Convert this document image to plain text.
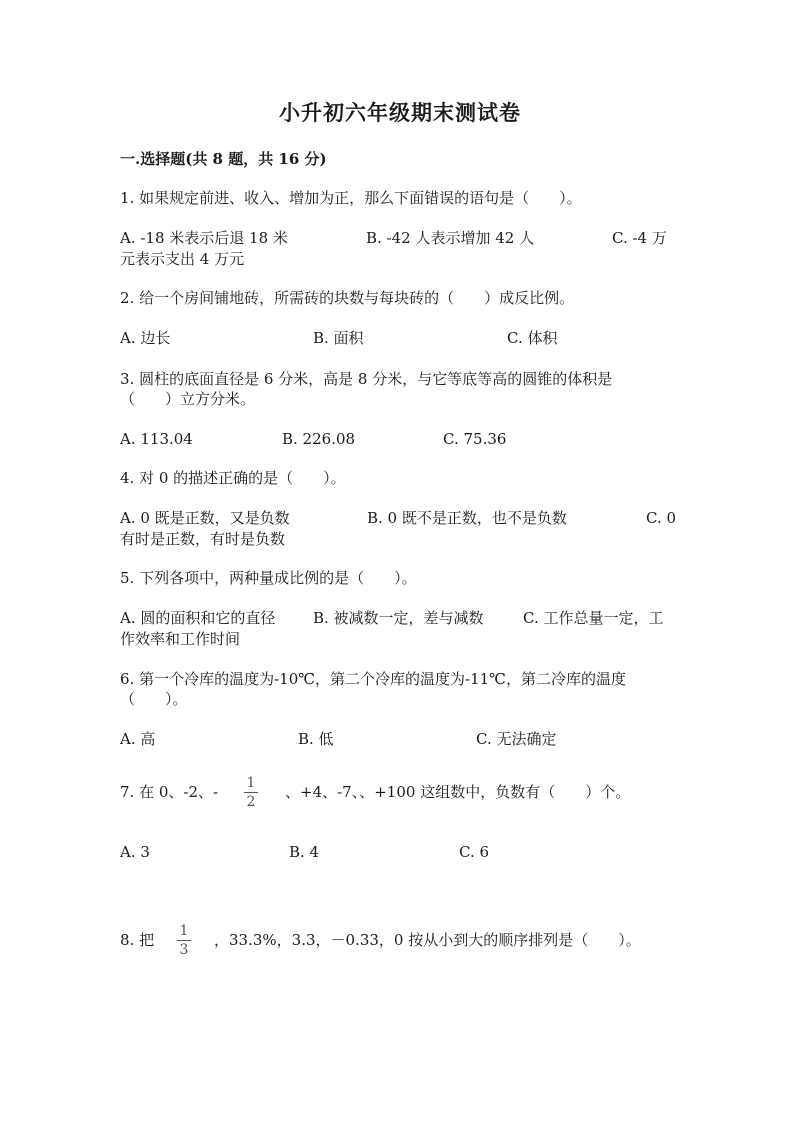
小升初六年级期末测试卷
一.选择题(共 8 题，共 16 分)
1. 如果规定前进、收入、增加为正，那么下面错误的语句是（　　）。
A. -18 米表示后退 18 米	B. -42 人表示增加 42 人	C. -4 万
元表示支出 4 万元
2. 给一个房间铺地砖，所需砖的块数与每块砖的（　　）成反比例。
A. 边长	B. 面积	C. 体积
3. 圆柱的底面直径是 6 分米，高是 8 分米，与它等底等高的圆锥的体积是
（　　）立方分米。
A. 113.04	B. 226.08	C. 75.36
4. 对 0 的描述正确的是（　　）。
A. 0 既是正数，又是负数	B. 0 既不是正数，也不是负数	C. 0
有时是正数，有时是负数
5. 下列各项中，两种量成比例的是（　　）。
A. 圆的面积和它的直径	B. 被减数一定，差与减数	C. 工作总量一定，工
作效率和工作时间
6. 第一个冷库的温度为-10℃，第二个冷库的温度为-11℃，第二冷库的温度
（　　）。
A. 高	B. 低	C. 无法确定
7. 在 0、-2、-	1
2
、+4、-7、、+100 这组数中，负数有（　　）个。
A. 3	B. 4	C. 6
8. 把	1
3
，33.3%，3.3，－0.33，0 按从小到大的顺序排列是（　　）。
